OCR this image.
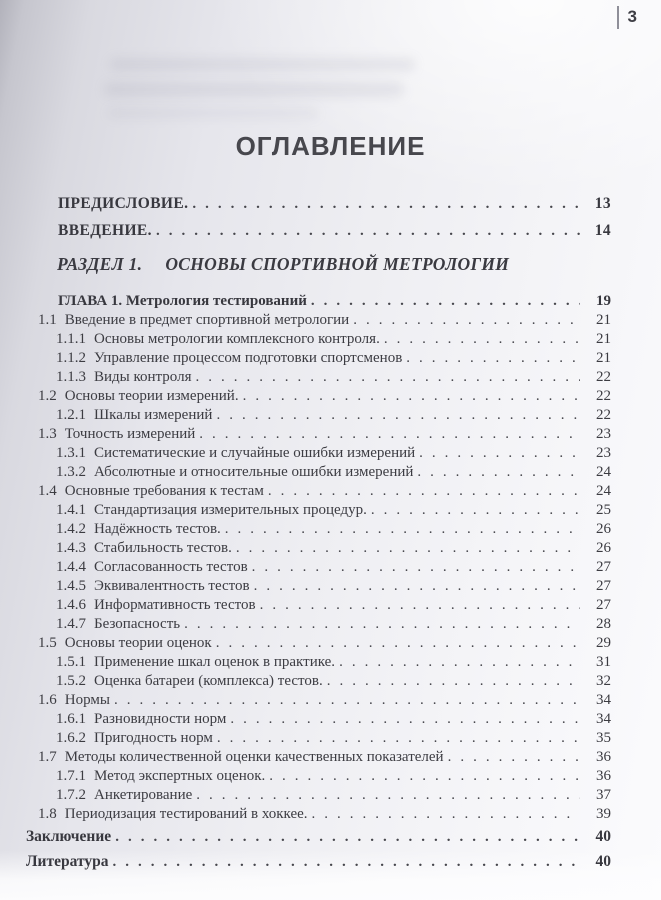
3
ОГЛАВЛЕНИЕ
ПРЕДИСЛОВИЕ. .....	13
ВВЕДЕНИЕ. .....	14
РАЗДЕЛ 1. ОСНОВЫ СПОРТИВНОЙ МЕТРОЛОГИИ
ГЛАВА 1. Метрология тестирований .....	19
1.1 Введение в предмет спортивной метрологии .....	21
1.1.1 Основы метрологии комплексного контроля. .....	21
1.1.2 Управление процессом подготовки спортсменов .....	21
1.1.3 Виды контроля .....	22
1.2 Основы теории измерений. .....	22
1.2.1 Шкалы измерений .....	22
1.3 Точность измерений .....	23
1.3.1 Систематические и случайные ошибки измерений .....	23
1.3.2 Абсолютные и относительные ошибки измерений .....	24
1.4 Основные требования к тестам .....	24
1.4.1 Стандартизация измерительных процедур. .....	25
1.4.2 Надёжность тестов. .....	26
1.4.3 Стабильность тестов. .....	26
1.4.4 Согласованность тестов .....	27
1.4.5 Эквивалентность тестов .....	27
1.4.6 Информативность тестов .....	27
1.4.7 Безопасность .....	28
1.5 Основы теории оценок .....	29
1.5.1 Применение шкал оценок в практике. .....	31
1.5.2 Оценка батареи (комплекса) тестов. .....	32
1.6 Нормы .....	34
1.6.1 Разновидности норм .....	34
1.6.2 Пригодность норм .....	35
1.7 Методы количественной оценки качественных показателей .....	36
1.7.1 Метод экспертных оценок. .....	36
1.7.2 Анкетирование .....	37
1.8 Периодизация тестирований в хоккее. .....	39
Заключение .....	40
Литература .....	40
